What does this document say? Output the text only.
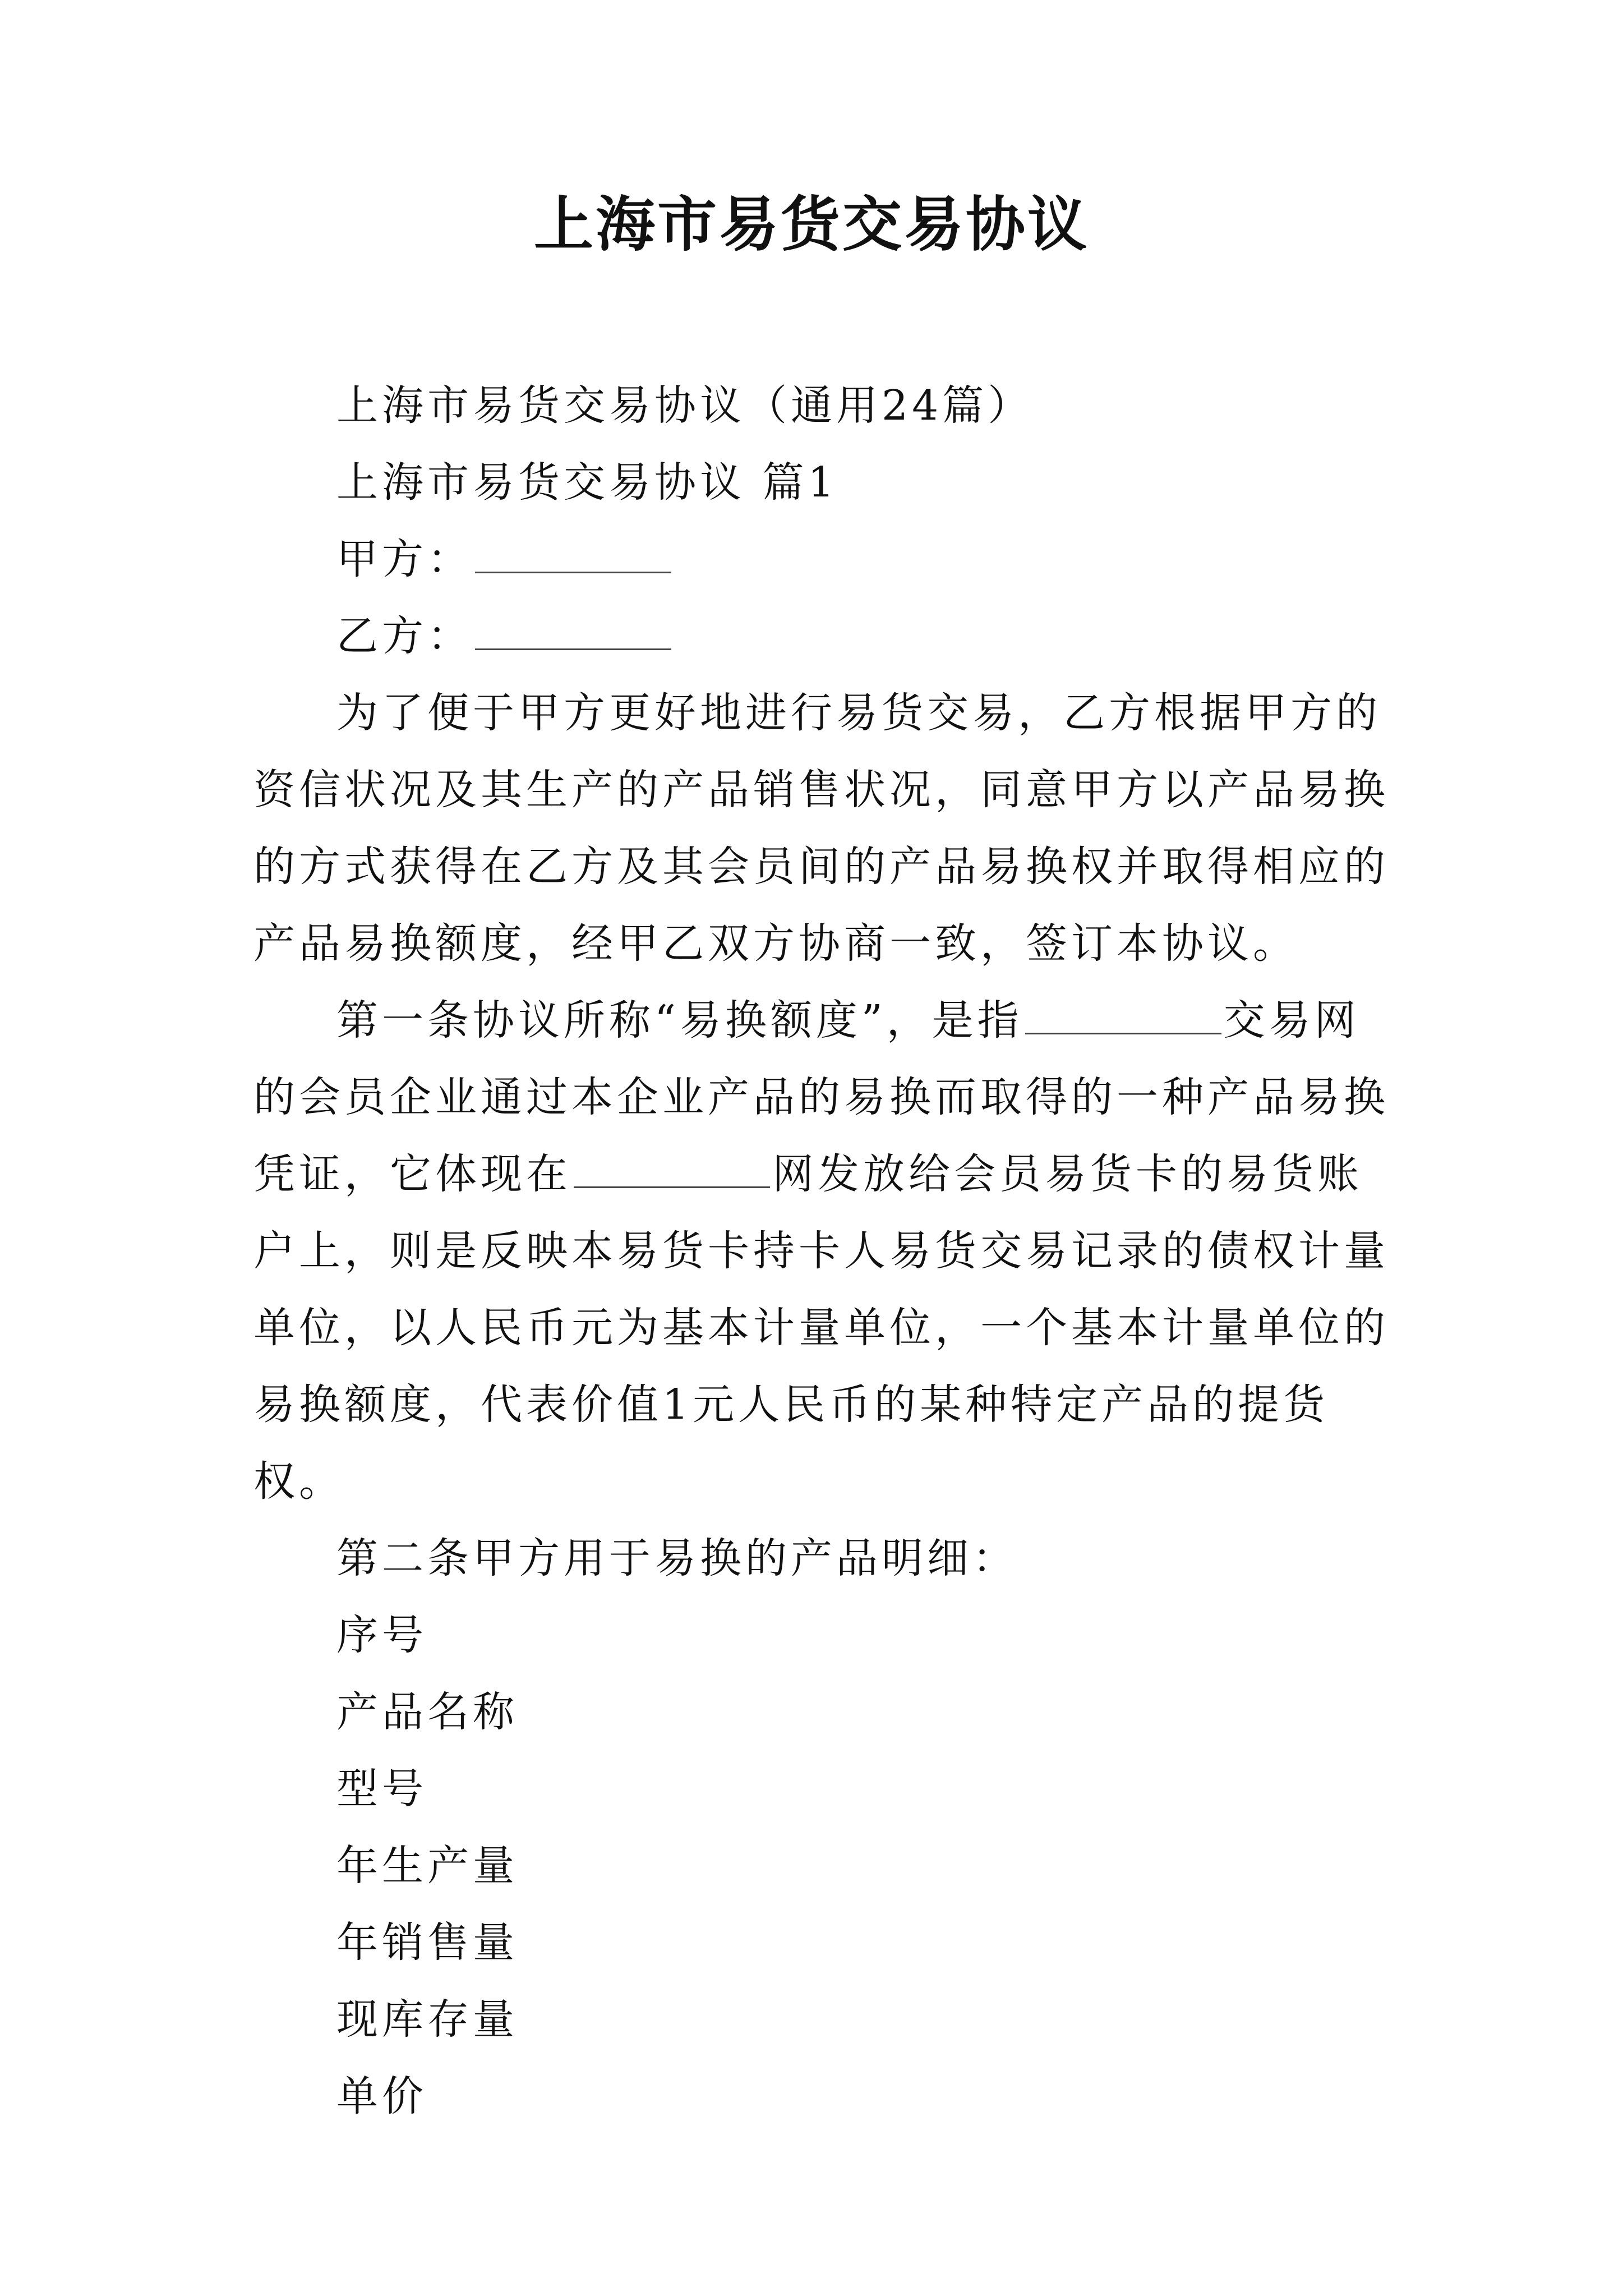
上海市易货交易协议

上海市易货交易协议（通用24篇）

上海市易货交易协议 篇1

甲方：

乙方：

为了便于甲方更好地进行易货交易，乙方根据甲方的资信状况及其生产的产品销售状况，同意甲方以产品易换的方式获得在乙方及其会员间的产品易换权并取得相应的产品易换额度，经甲乙双方协商一致，签订本协议。

第一条协议所称“易换额度”，是指	交易网的会员企业通过本企业产品的易换而取得的一种产品易换凭证，它体现在	网发放给会员易货卡的易货账户上，则是反映本易货卡持卡人易货交易记录的债权计量单位，以人民币元为基本计量单位，一个基本计量单位的易换额度，代表价值1元人民币的某种特定产品的提货权。

第二条甲方用于易换的产品明细：

序号

产品名称

型号

年生产量

年销售量

现库存量

单价
